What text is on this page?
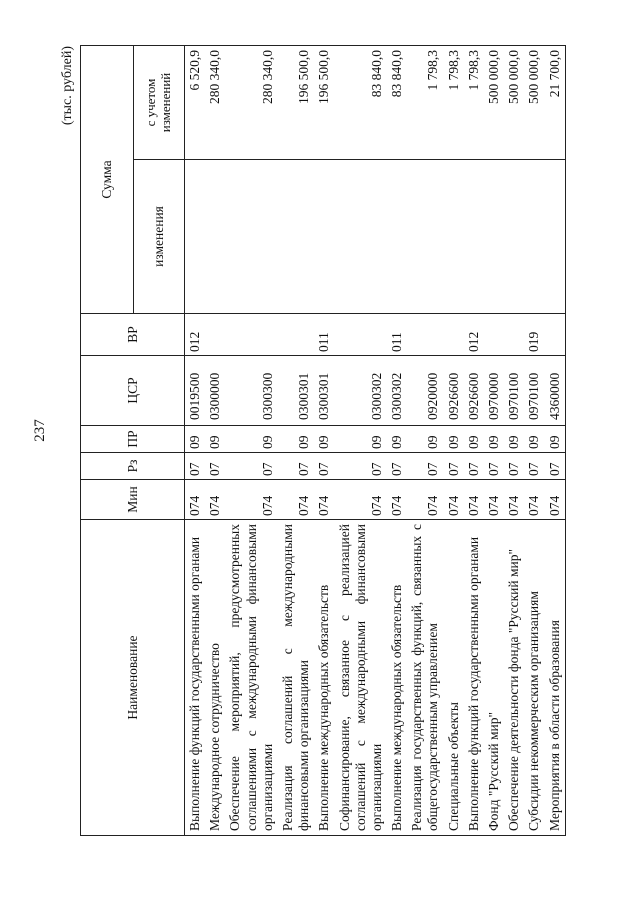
237
(тыс. рублей)
Наименование	Мин	Рз	ПР	ЦСР	ВР	Сумма	
						изменения	с учетом изменений
Выполнение функций государственными органами	074	07	09	0019500	012		6 520,9
Международное сотрудничество	074	07	09	0300000			280 340,0
Обеспечение мероприятий, предусмотренных соглашениями с международными финансовыми организациями	074	07	09	0300300			280 340,0
Реализация соглашений с международными финансовыми организациями	074	07	09	0300301			196 500,0
Выполнение международных обязательств	074	07	09	0300301	011		196 500,0
Софинансирование, связанное с реализацией соглашений с международными финансовыми организациями	074	07	09	0300302			83 840,0
Выполнение международных обязательств	074	07	09	0300302	011		83 840,0
Реализация государственных функций, связанных с общегосударственным управлением	074	07	09	0920000			1 798,3
Специальные объекты	074	07	09	0926600			1 798,3
Выполнение функций государственными органами	074	07	09	0926600	012		1 798,3
Фонд "Русский мир"	074	07	09	0970000			500 000,0
Обеспечение деятельности фонда "Русский мир"	074	07	09	0970100			500 000,0
Субсидии некоммерческим организациям	074	07	09	0970100	019		500 000,0
Мероприятия в области образования	074	07	09	4360000			21 700,0
